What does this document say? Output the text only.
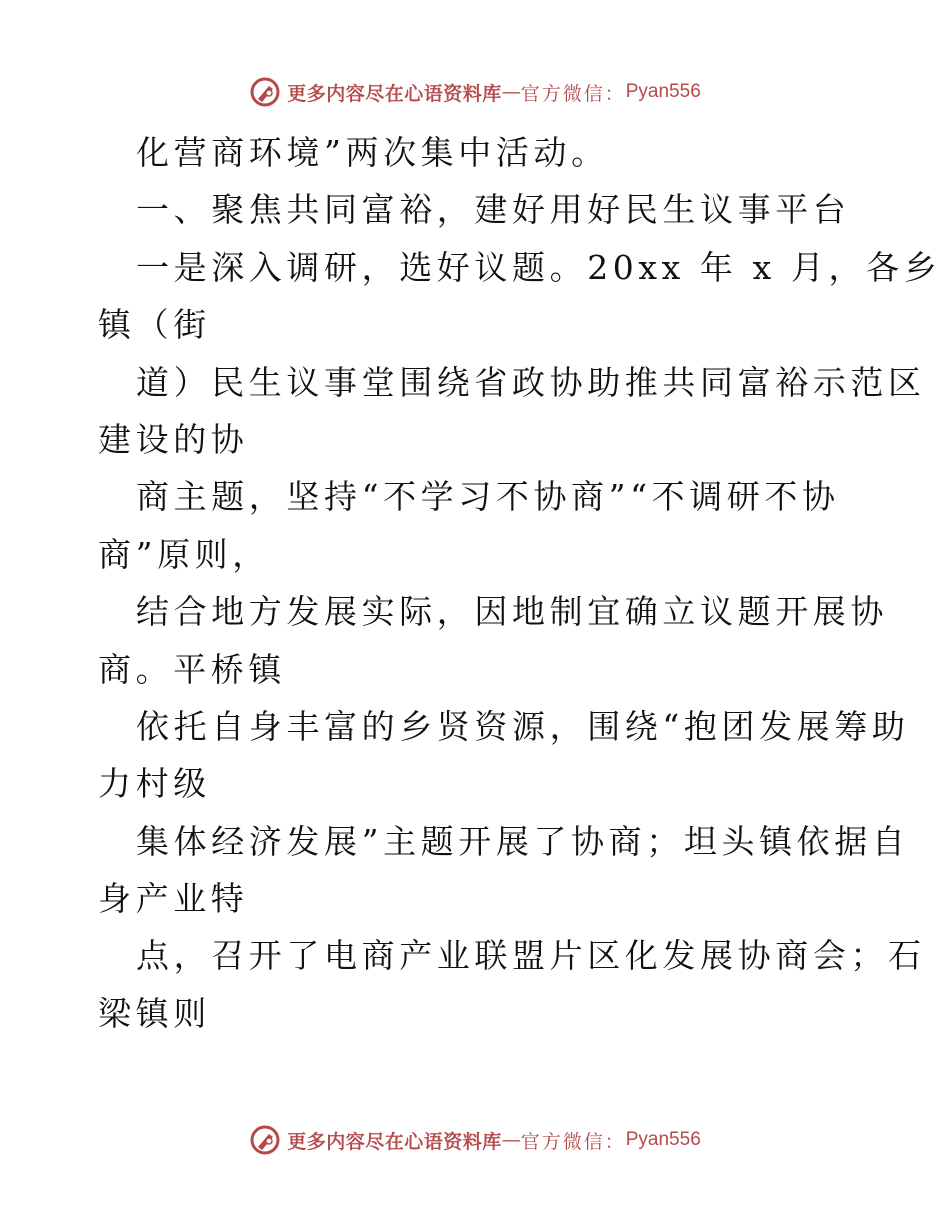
更多内容尽在心语资料库 — 官方微信： Pyan556
化营商环境”两次集中活动。
一、聚焦共同富裕，建好用好民生议事平台
一是深入调研，选好议题。20xx 年 x 月，各乡
镇（街
道）民生议事堂围绕省政协助推共同富裕示范区
建设的协
商主题，坚持“不学习不协商”“不调研不协
商”原则，
结合地方发展实际，因地制宜确立议题开展协
商。平桥镇
依托自身丰富的乡贤资源，围绕“抱团发展筹助
力村级
集体经济发展”主题开展了协商；坦头镇依据自
身产业特
点，召开了电商产业联盟片区化发展协商会；石
梁镇则
更多内容尽在心语资料库 — 官方微信： Pyan556
